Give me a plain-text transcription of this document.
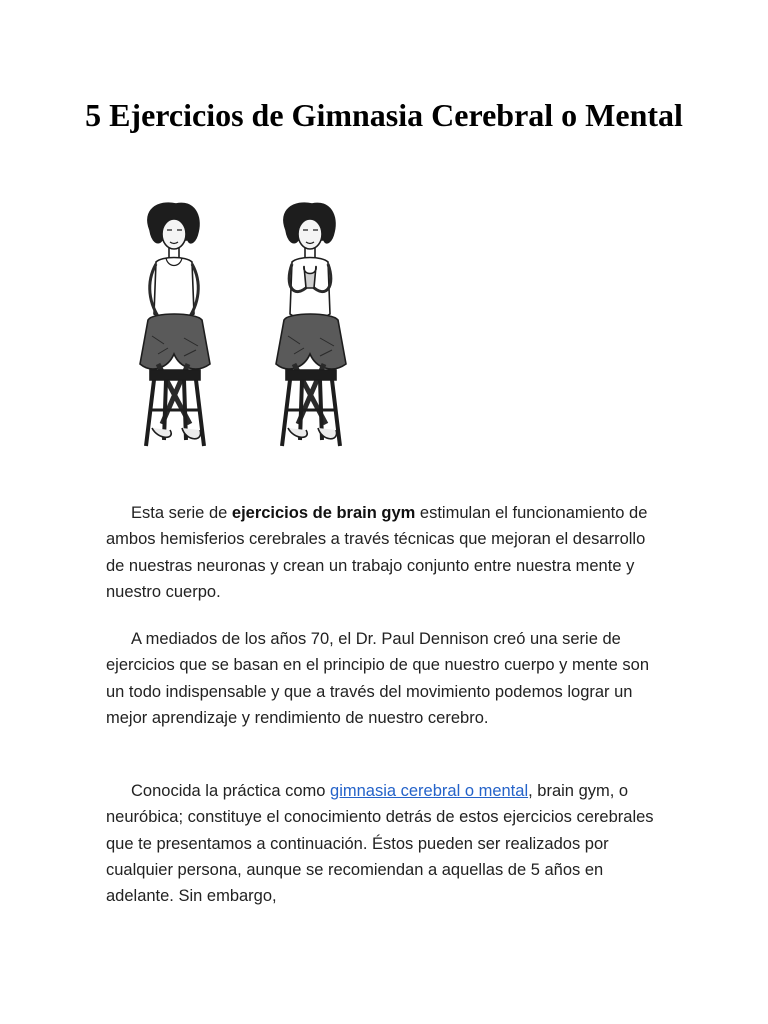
5 Ejercicios de Gimnasia Cerebral o Mental

Esta serie de ejercicios de brain gym estimulan el funcionamiento de ambos hemisferios cerebrales a través técnicas que mejoran el desarrollo de nuestras neuronas y crean un trabajo conjunto entre nuestra mente y nuestro cuerpo.

A mediados de los años 70, el Dr. Paul Dennison creó una serie de ejercicios que se basan en el principio de que nuestro cuerpo y mente son un todo indispensable y que a través del movimiento podemos lograr un mejor aprendizaje y rendimiento de nuestro cerebro.

Conocida la práctica como gimnasia cerebral o mental, brain gym, o neuróbica; constituye el conocimiento detrás de estos ejercicios cerebrales que te presentamos a continuación. Éstos pueden ser realizados por cualquier persona, aunque se recomiendan a aquellas de 5 años en adelante. Sin embargo,
